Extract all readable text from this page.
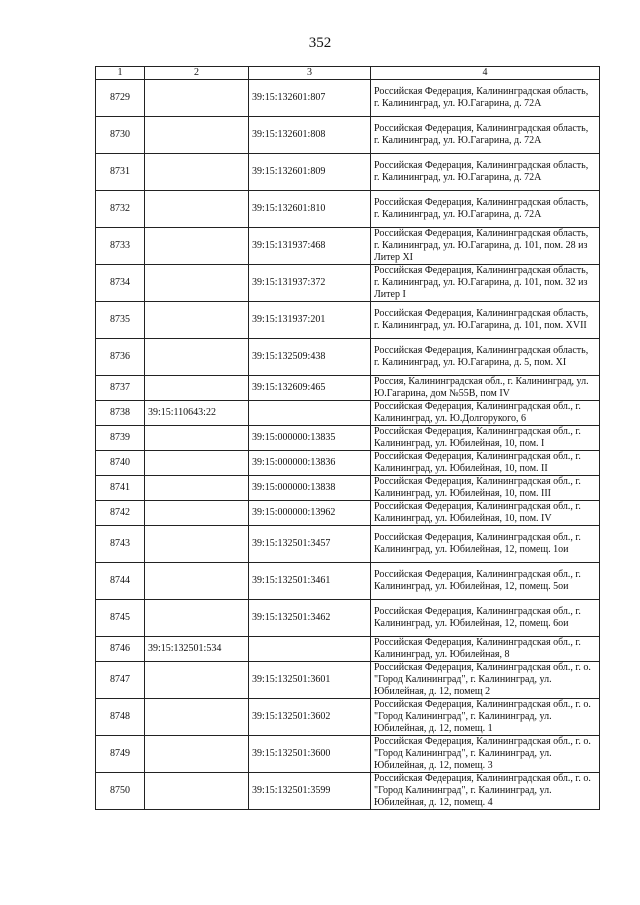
352
1	2	3	4
8729		39:15:132601:807	Российская Федерация, Калининградская область, г. Калининград, ул. Ю.Гагарина, д. 72А
8730		39:15:132601:808	Российская Федерация, Калининградская область, г. Калининград, ул. Ю.Гагарина, д. 72А
8731		39:15:132601:809	Российская Федерация, Калининградская область, г. Калининград, ул. Ю.Гагарина, д. 72А
8732		39:15:132601:810	Российская Федерация, Калининградская область, г. Калининград, ул. Ю.Гагарина, д. 72А
8733		39:15:131937:468	Российская Федерация, Калининградская область, г. Калининград, ул. Ю.Гагарина, д. 101, пом. 28 из Литер XI
8734		39:15:131937:372	Российская Федерация, Калининградская область, г. Калининград, ул. Ю.Гагарина, д. 101, пом. 32 из Литер I
8735		39:15:131937:201	Российская Федерация, Калининградская область, г. Калининград, ул. Ю.Гагарина, д. 101, пом. XVII
8736		39:15:132509:438	Российская Федерация, Калининградская область, г. Калининград, ул. Ю.Гагарина, д. 5, пом. XI
8737		39:15:132609:465	Россия, Калининградская обл., г. Калининград, ул. Ю.Гагарина, дом №55В, пом IV
8738	39:15:110643:22		Российская Федерация, Калининградская обл., г. Калининград, ул. Ю.Долгорукого, 6
8739		39:15:000000:13835	Российская Федерация, Калининградская обл., г. Калининград, ул. Юбилейная, 10, пом. I
8740		39:15:000000:13836	Российская Федерация, Калининградская обл., г. Калининград, ул. Юбилейная, 10, пом. II
8741		39:15:000000:13838	Российская Федерация, Калининградская обл., г. Калининград, ул. Юбилейная, 10, пом. III
8742		39:15:000000:13962	Российская Федерация, Калининградская обл., г. Калининград, ул. Юбилейная, 10, пом. IV
8743		39:15:132501:3457	Российская Федерация, Калининградская обл., г. Калининград, ул. Юбилейная, 12, помещ. 1ои
8744		39:15:132501:3461	Российская Федерация, Калининградская обл., г. Калининград, ул. Юбилейная, 12, помещ. 5ои
8745		39:15:132501:3462	Российская Федерация, Калининградская обл., г. Калининград, ул. Юбилейная, 12, помещ. 6ои
8746	39:15:132501:534		Российская Федерация, Калининградская обл., г. Калининград, ул. Юбилейная, 8
8747		39:15:132501:3601	Российская Федерация, Калининградская обл., г. о. "Город Калининград", г. Калининград, ул. Юбилейная, д. 12, помещ 2
8748		39:15:132501:3602	Российская Федерация, Калининградская обл., г. о. "Город Калининград", г. Калининград, ул. Юбилейная, д. 12, помещ. 1
8749		39:15:132501:3600	Российская Федерация, Калининградская обл., г. о. "Город Калининград", г. Калининград, ул. Юбилейная, д. 12, помещ. 3
8750		39:15:132501:3599	Российская Федерация, Калининградская обл., г. о. "Город Калининград", г. Калининград, ул. Юбилейная, д. 12, помещ. 4
